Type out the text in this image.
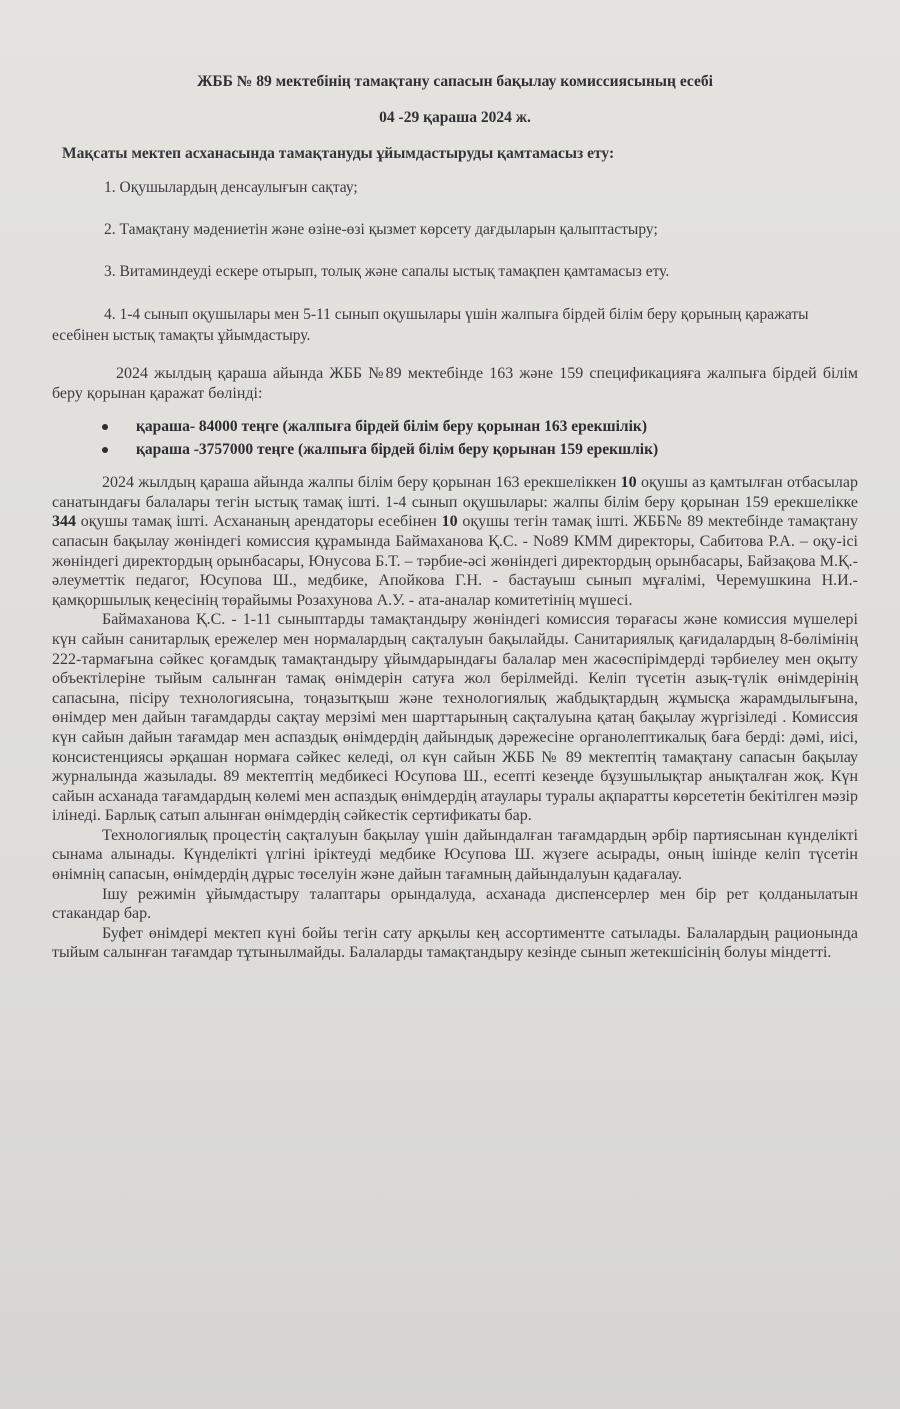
ЖББ № 89 мектебінің тамақтану сапасын бақылау комиссиясының есебі
04 -29 қараша 2024 ж.
Мақсаты мектеп асханасында тамақтануды ұйымдастыруды қамтамасыз ету:
1. Оқушылардың денсаулығын сақтау;
2. Тамақтану мәдениетін және өзіне-өзі қызмет көрсету дағдыларын қалыптастыру;
3. Витаминдеуді ескере отырып, толық және сапалы ыстық тамақпен қамтамасыз ету.
4. 1-4 сынып оқушылары мен 5-11 сынып оқушылары үшін жалпыға бірдей білім беру қорының қаражаты есебінен ыстық тамақты ұйымдастыру.

2024 жылдың қараша айында ЖББ №89 мектебінде 163 және 159 спецификацияға жалпыға бірдей білім беру қорынан қаражат бөлінді:

қараша- 84000 теңге (жалпыға бірдей білім беру қорынан 163 ерекшілік)
қараша -3757000 теңге (жалпыға бірдей білім беру қорынан 159 ерекшлік)

2024 жылдың қараша айында жалпы білім беру қорынан 163 ерекшеліккен 10 оқушы аз қамтылған отбасылар санатындағы балалары тегін ыстық тамақ ішті. 1-4 сынып оқушылары: жалпы білім беру қорынан 159 ерекшелікке 344 оқушы тамақ ішті. Асхананың арендаторы есебінен 10 оқушы тегін тамақ ішті. ЖББ№ 89 мектебінде тамақтану сапасын бақылау жөніндегі комиссия құрамында Баймаханова Қ.С. - No89 КММ директоры, Сабитова Р.А. – оқу-ісі жөніндегі директордың орынбасары, Юнусова Б.Т. – тәрбие-әсі жөніндегі директордың орынбасары, Байзақова М.Қ.-әлеуметтік педагог, Юсупова Ш., медбике, Апойкова Г.Н. - бастауыш сынып мұғалімі, Черемушкина Н.И.- қамқоршылық кеңесінің төрайымы Розахунова А.У. - ата-аналар комитетінің мүшесі.

Баймаханова Қ.С. - 1-11 сыныптарды тамақтандыру жөніндегі комиссия төрағасы және комиссия мүшелері күн сайын санитарлық ережелер мен нормалардың сақталуын бақылайды. Санитариялық қағидалардың 8-бөлімінің 222-тармағына сәйкес қоғамдық тамақтандыру ұйымдарындағы балалар мен жасөспірімдерді тәрбиелеу мен оқыту объектілеріне тыйым салынған тамақ өнімдерін сатуға жол берілмейді. Келіп түсетін азық-түлік өнімдерінің сапасына, пісіру технологиясына, тоңазытқыш және технологиялық жабдықтардың жұмысқа жарамдылығына, өнімдер мен дайын тағамдарды сақтау мерзімі мен шарттарының сақталуына қатаң бақылау жүргізіледі . Комиссия күн сайын дайын тағамдар мен аспаздық өнімдердің дайындық дәрежесіне органолептикалық баға берді: дәмі, иісі, консистенциясы әрқашан нормаға сәйкес келеді, ол күн сайын ЖББ № 89 мектептің тамақтану сапасын бақылау журналында жазылады. 89 мектептің медбикесі Юсупова Ш., есепті кезеңде бұзушылықтар анықталған жоқ. Күн сайын асханада тағамдардың көлемі мен аспаздық өнімдердің атаулары туралы ақпаратты көрсететін бекітілген мәзір ілінеді. Барлық сатып алынған өнімдердің сәйкестік сертификаты бар.

Технологиялық процестің сақталуын бақылау үшін дайындалған тағамдардың әрбір партиясынан күнделікті сынама алынады. Күнделікті үлгіні іріктеуді медбике Юсупова Ш. жүзеге асырады, оның ішінде келіп түсетін өнімнің сапасын, өнімдердің дұрыс төселуін және дайын тағамның дайындалуын қадағалау.

Ішу режимін ұйымдастыру талаптары орындалуда, асханада диспенсерлер мен бір рет қолданылатын стакандар бар.

Буфет өнімдері мектеп күні бойы тегін сату арқылы кең ассортиментте сатылады. Балалардың рационында тыйым салынған тағамдар тұтынылмайды. Балаларды тамақтандыру кезінде сынып жетекшісінің болуы міндетті.
